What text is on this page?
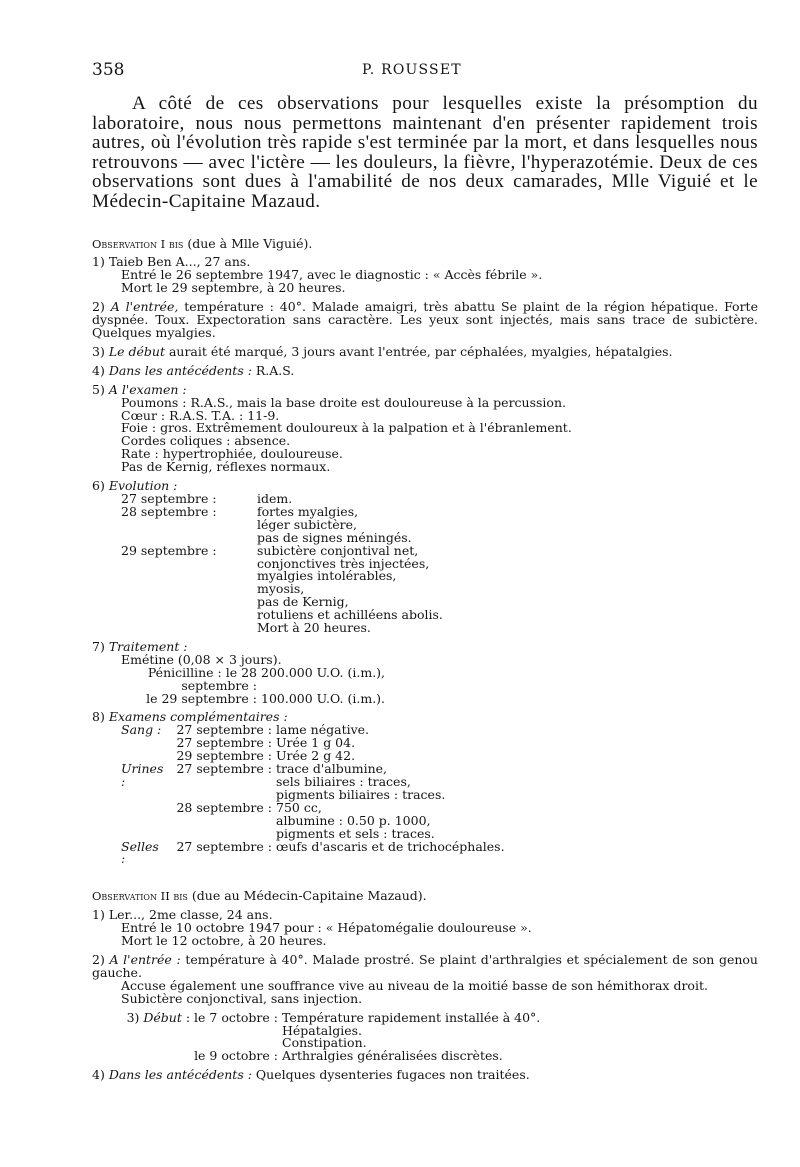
358	P. ROUSSET
A côté de ces observations pour lesquelles existe la présomption du laboratoire, nous nous permettons maintenant d'en présenter rapidement trois autres, où l'évolution très rapide s'est terminée par la mort, et dans lesquelles nous retrouvons — avec l'ictère — les douleurs, la fièvre, l'hyperazotémie. Deux de ces observations sont dues à l'amabilité de nos deux camarades, Mlle Viguié et le Médecin-Capitaine Mazaud.
Observation I bis (due à Mlle Viguié).
1) Taieb Ben A..., 27 ans.
Entré le 26 septembre 1947, avec le diagnostic : « Accès fébrile ».
Mort le 29 septembre, à 20 heures.
2) A l'entrée, température : 40°. Malade amaigri, très abattu Se plaint de la région hépatique. Forte dyspnée. Toux. Expectoration sans caractère. Les yeux sont injectés, mais sans trace de subictère. Quelques myalgies.
3) Le début aurait été marqué, 3 jours avant l'entrée, par céphalées, myalgies, hépatalgies.
4) Dans les antécédents : R.A.S.
5) A l'examen :
Poumons : R.A.S., mais la base droite est douloureuse à la percussion.
Cœur : R.A.S. T.A. : 11-9.
Foie : gros. Extrêmement douloureux à la palpation et à l'ébranlement.
Cordes coliques : absence.
Rate : hypertrophiée, douloureuse.
Pas de Kernig, réflexes normaux.
6) Evolution :
27 septembre :	idem.
28 septembre :	fortes myalgies,
léger subictère,
pas de signes méningés.
29 septembre :	subictère conjontival net,
conjonctives très injectées,
myalgies intolérables,
myosis,
pas de Kernig,
rotuliens et achilléens abolis.
Mort à 20 heures.
7) Traitement :
Emétine (0,08 × 3 jours).
Pénicilline : le 28 septembre :
200.000 U.O. (i.m.),
le 29 septembre : 100.000 U.O. (i.m.).
8) Examens complémentaires :
Sang :	27 septembre : lame négative.
27 septembre : Urée 1 g 04.
29 septembre : Urée 2 g 42.
Urines :
27 septembre : trace d'albumine,
sels biliaires : traces,
pigments biliaires : traces.
28 septembre : 750 cc,
albumine : 0.50 p. 1000,
pigments et sels : traces.
Selles :
27 septembre : œufs d'ascaris et de trichocéphales.
Observation II bis (due au Médecin-Capitaine Mazaud).
1) Ler..., 2me classe, 24 ans.
Entré le 10 octobre 1947 pour : « Hépatomégalie douloureuse ».
Mort le 12 octobre, à 20 heures.
2) A l'entrée : température à 40°. Malade prostré. Se plaint d'arthralgies et spécialement de son genou gauche.
Accuse également une souffrance vive au niveau de la moitié basse de son hémithorax droit.
Subictère conjonctival, sans injection.
3) Début : le 7 octobre : Température rapidement installée à 40°.
Hépatalgies.
Constipation.
le 9 octobre : Arthralgies généralisées discrètes.
4) Dans les antécédents : Quelques dysenteries fugaces non traitées.
